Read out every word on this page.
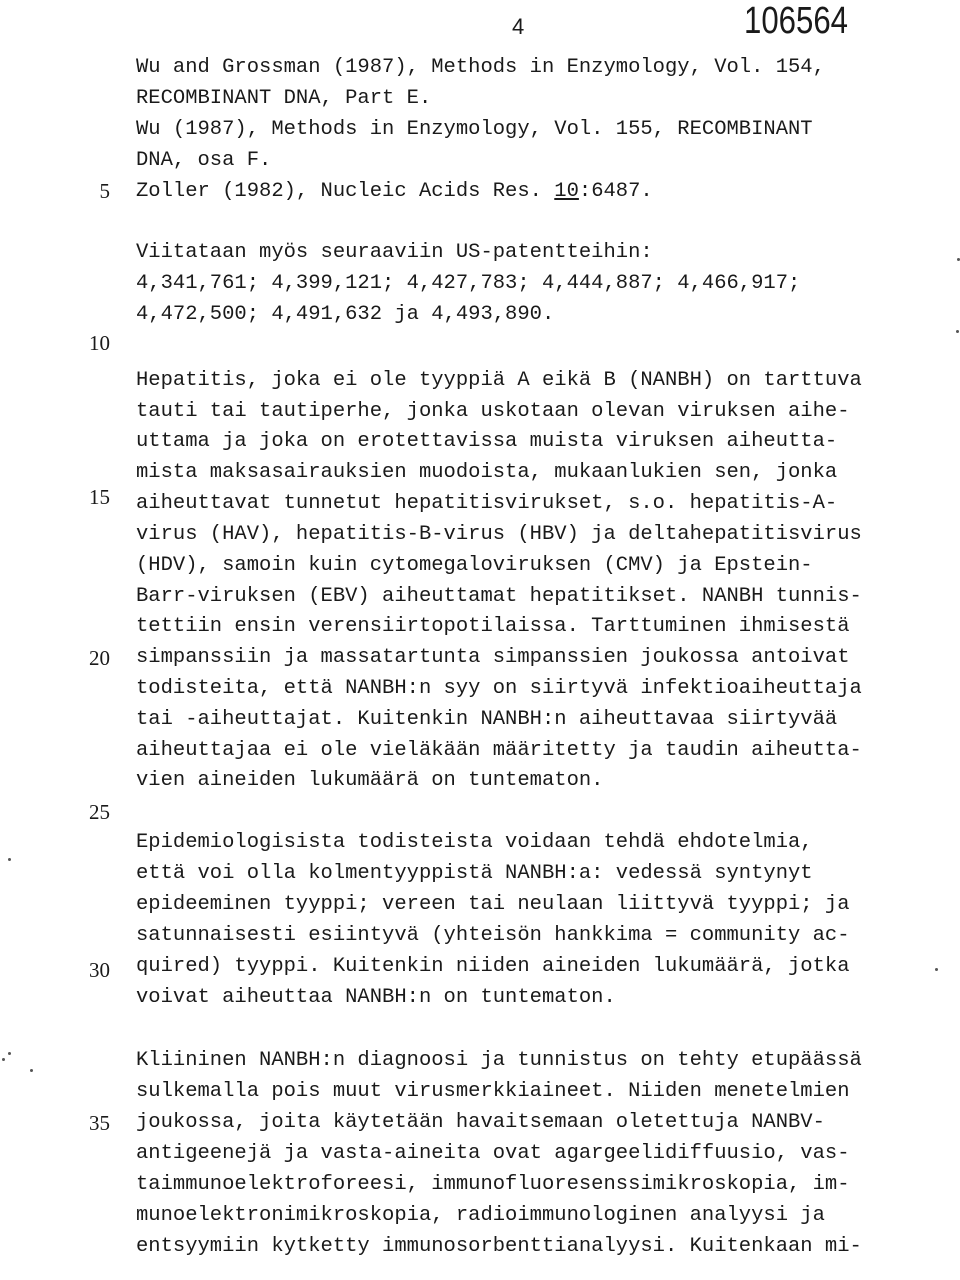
4	106564
5
10
15
20
25
30
35
Wu and Grossman (1987), Methods in Enzymology, Vol. 154,
RECOMBINANT DNA, Part E.
Wu (1987), Methods in Enzymology, Vol. 155, RECOMBINANT
DNA, osa F.
Zoller (1982), Nucleic Acids Res. 10:6487.
Viitataan myös seuraaviin US-patentteihin:
4,341,761; 4,399,121; 4,427,783; 4,444,887; 4,466,917;
4,472,500; 4,491,632 ja 4,493,890.
Hepatitis, joka ei ole tyyppiä A eikä B (NANBH) on tarttuva
tauti tai tautiperhe, jonka uskotaan olevan viruksen aihe-
uttama ja joka on erotettavissa muista viruksen aiheutta-
mista maksasairauksien muodoista, mukaanlukien sen, jonka
aiheuttavat tunnetut hepatitisvirukset, s.o. hepatitis-A-
virus (HAV), hepatitis-B-virus (HBV) ja deltahepatitisvirus
(HDV), samoin kuin cytomegaloviruksen (CMV) ja Epstein-
Barr-viruksen (EBV) aiheuttamat hepatitikset. NANBH tunnis-
tettiin ensin verensiirtopotilaissa. Tarttuminen ihmisestä
simpanssiin ja massatartunta simpanssien joukossa antoivat
todisteita, että NANBH:n syy on siirtyvä infektioaiheuttaja
tai -aiheuttajat. Kuitenkin NANBH:n aiheuttavaa siirtyvää
aiheuttajaa ei ole vieläkään määritetty ja taudin aiheutta-
vien aineiden lukumäärä on tuntematon.
Epidemiologisista todisteista voidaan tehdä ehdotelmia,
että voi olla kolmentyyppistä NANBH:a: vedessä syntynyt
epideeminen tyyppi; vereen tai neulaan liittyvä tyyppi; ja
satunnaisesti esiintyvä (yhteisön hankkima = community ac-
quired) tyyppi. Kuitenkin niiden aineiden lukumäärä, jotka
voivat aiheuttaa NANBH:n on tuntematon.
Kliininen NANBH:n diagnoosi ja tunnistus on tehty etupäässä
sulkemalla pois muut virusmerkkiaineet. Niiden menetelmien
joukossa, joita käytetään havaitsemaan oletettuja NANBV-
antigeenejä ja vasta-aineita ovat agargeelidiffuusio, vas-
taimmunoelektroforeesi, immunofluoresenssimikroskopia, im-
munoelektronimikroskopia, radioimmunologinen analyysi ja
entsyymiin kytketty immunosorbenttianalyysi. Kuitenkaan mi-
